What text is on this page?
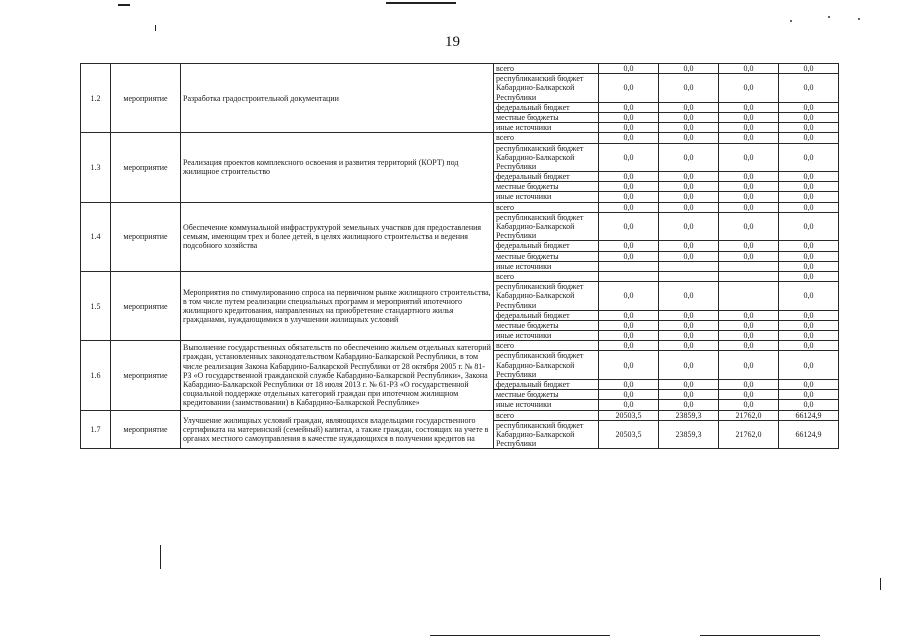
19
1.2	мероприятие	Разработка градостроительной документации	всего	0,0	0,0	0,0	0,0
			республиканский бюджет Кабардино-Балкарской Республики	0,0	0,0	0,0	0,0
			федеральный бюджет	0,0	0,0	0,0	0,0
			местные бюджеты	0,0	0,0	0,0	0,0
			иные источники	0,0	0,0	0,0	0,0
1.3	мероприятие	Реализация проектов комплексного освоения и развития территорий (КОРТ) под жилищное строительство	всего	0,0	0,0	0,0	0,0
			республиканский бюджет Кабардино-Балкарской Республики	0,0	0,0	0,0	0,0
			федеральный бюджет	0,0	0,0	0,0	0,0
			местные бюджеты	0,0	0,0	0,0	0,0
			иные источники	0,0	0,0	0,0	0,0
1.4	мероприятие	Обеспечение коммунальной инфраструктурой земельных участков для предоставления семьям, имеющим трех и более детей, в целях жилищного строительства и ведения подсобного хозяйства	всего	0,0	0,0	0,0	0,0
			республиканский бюджет Кабардино-Балкарской Республики	0,0	0,0	0,0	0,0
			федеральный бюджет	0,0	0,0	0,0	0,0
			местные бюджеты	0,0	0,0	0,0	0,0
			иные источники				0,0
1.5	мероприятие	Мероприятия по стимулированию спроса на первичном рынке жилищного строительства, в том числе путем реализации специальных программ и мероприятий ипотечного жилищного кредитования, направленных на приобретение стандартного жилья гражданами, нуждающимися в улучшении жилищных условий	всего				0,0
			республиканский бюджет Кабардино-Балкарской Республики	0,0	0,0		0,0
			федеральный бюджет	0,0	0,0	0,0	0,0
			местные бюджеты	0,0	0,0	0,0	0,0
			иные источники	0,0	0,0	0,0	0,0
1.6	мероприятие	Выполнение государственных обязательств по обеспечению жильем отдельных категорий граждан, установленных законодательством Кабардино-Балкарской Республики, в том числе реализация Закона Кабардино-Балкарской Республики от 28 октября 2005 г. № 81-РЗ «О государственной гражданской службе Кабардино-Балкарской Республики», Закона Кабардино-Балкарской Республики от 18 июля 2013 г. № 61-РЗ «О государственной социальной поддержке отдельных категорий граждан при ипотечном жилищном кредитовании (заимствовании) в Кабардино-Балкарской Республике»	всего	0,0	0,0	0,0	0,0
			республиканский бюджет Кабардино-Балкарской Республики	0,0	0,0	0,0	0,0
			федеральный бюджет	0,0	0,0	0,0	0,0
			местные бюджеты	0,0	0,0	0,0	0,0
			иные источники	0,0	0,0	0,0	0,0
1.7	мероприятие	Улучшение жилищных условий граждан, являющихся владельцами государственного сертификата на материнский (семейный) капитал, а также граждан, состоящих на учете в органах местного самоуправления в качестве нуждающихся в получении кредитов на	всего	20503,5	23859,3	21762,0	66124,9
			республиканский бюджет Кабардино-Балкарской Республики	20503,5	23859,3	21762,0	66124,9
